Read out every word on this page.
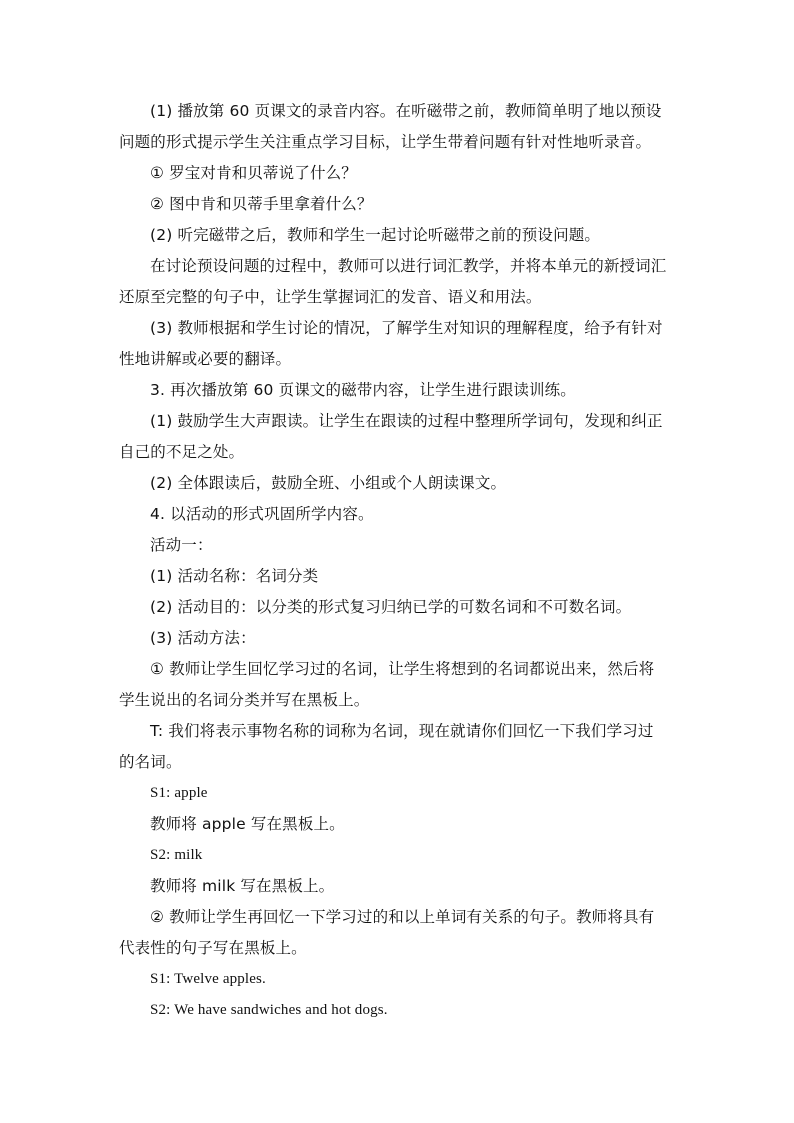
(1) 播放第 60 页课文的录音内容。在听磁带之前，教师简单明了地以预设
问题的形式提示学生关注重点学习目标，让学生带着问题有针对性地听录音。
① 罗宝对肯和贝蒂说了什么？
② 图中肯和贝蒂手里拿着什么？
(2) 听完磁带之后，教师和学生一起讨论听磁带之前的预设问题。
在讨论预设问题的过程中，教师可以进行词汇教学，并将本单元的新授词汇
还原至完整的句子中，让学生掌握词汇的发音、语义和用法。
(3) 教师根据和学生讨论的情况，了解学生对知识的理解程度，给予有针对
性地讲解或必要的翻译。
3. 再次播放第 60 页课文的磁带内容，让学生进行跟读训练。
(1) 鼓励学生大声跟读。让学生在跟读的过程中整理所学词句，发现和纠正
自己的不足之处。
(2) 全体跟读后，鼓励全班、小组或个人朗读课文。
4. 以活动的形式巩固所学内容。
活动一：
(1) 活动名称：名词分类
(2) 活动目的：以分类的形式复习归纳已学的可数名词和不可数名词。
(3) 活动方法：
① 教师让学生回忆学习过的名词，让学生将想到的名词都说出来，然后将
学生说出的名词分类并写在黑板上。
T: 我们将表示事物名称的词称为名词，现在就请你们回忆一下我们学习过
的名词。
S1: apple
教师将 apple 写在黑板上。
S2: milk
教师将 milk 写在黑板上。
② 教师让学生再回忆一下学习过的和以上单词有关系的句子。教师将具有
代表性的句子写在黑板上。
S1: Twelve apples.
S2: We have sandwiches and hot dogs.
